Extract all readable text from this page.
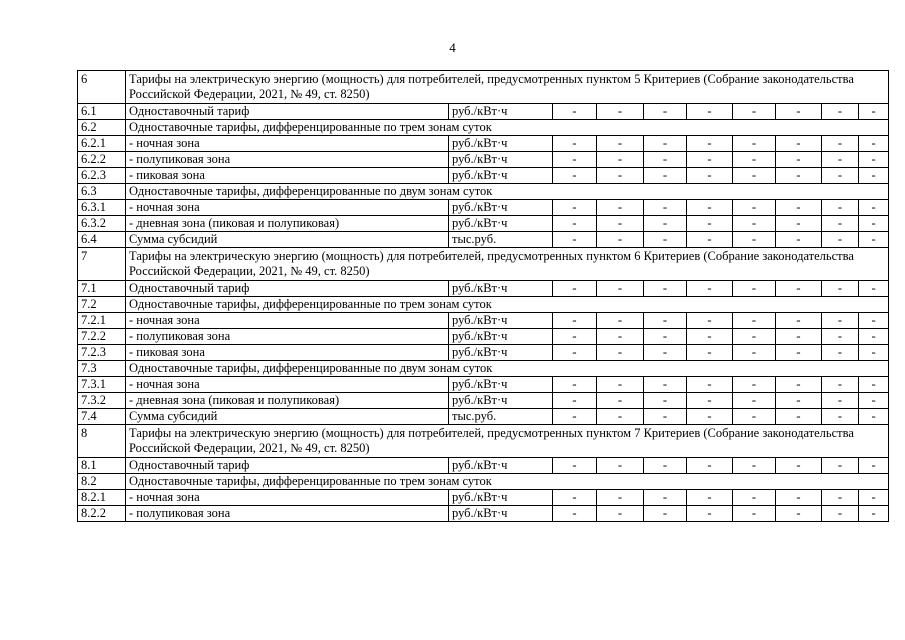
4
6	Тарифы на электрическую энергию (мощность) для потребителей, предусмотренных пунктом 5 Критериев (Собрание законодательства Российской Федерации, 2021, № 49, ст. 8250)									
6.1	Одноставочный тариф	руб./кВт·ч	-	-	-	-	-	-	-	-
6.2	Одноставочные тарифы, дифференцированные по трем зонам суток									
6.2.1	- ночная зона	руб./кВт·ч	-	-	-	-	-	-	-	-
6.2.2	- полупиковая зона	руб./кВт·ч	-	-	-	-	-	-	-	-
6.2.3	- пиковая зона	руб./кВт·ч	-	-	-	-	-	-	-	-
6.3	Одноставочные тарифы, дифференцированные по двум зонам суток									
6.3.1	- ночная зона	руб./кВт·ч	-	-	-	-	-	-	-	-
6.3.2	- дневная зона (пиковая и полупиковая)	руб./кВт·ч	-	-	-	-	-	-	-	-
6.4	Сумма субсидий	тыс.руб.	-	-	-	-	-	-	-	-
7	Тарифы на электрическую энергию (мощность) для потребителей, предусмотренных пунктом 6 Критериев (Собрание законодательства Российской Федерации, 2021, № 49, ст. 8250)									
7.1	Одноставочный тариф	руб./кВт·ч	-	-	-	-	-	-	-	-
7.2	Одноставочные тарифы, дифференцированные по трем зонам суток									
7.2.1	- ночная зона	руб./кВт·ч	-	-	-	-	-	-	-	-
7.2.2	- полупиковая зона	руб./кВт·ч	-	-	-	-	-	-	-	-
7.2.3	- пиковая зона	руб./кВт·ч	-	-	-	-	-	-	-	-
7.3	Одноставочные тарифы, дифференцированные по двум зонам суток									
7.3.1	- ночная зона	руб./кВт·ч	-	-	-	-	-	-	-	-
7.3.2	- дневная зона (пиковая и полупиковая)	руб./кВт·ч	-	-	-	-	-	-	-	-
7.4	Сумма субсидий	тыс.руб.	-	-	-	-	-	-	-	-
8	Тарифы на электрическую энергию (мощность) для потребителей, предусмотренных пунктом 7 Критериев (Собрание законодательства Российской Федерации, 2021, № 49, ст. 8250)									
8.1	Одноставочный тариф	руб./кВт·ч	-	-	-	-	-	-	-	-
8.2	Одноставочные тарифы, дифференцированные по трем зонам суток									
8.2.1	- ночная зона	руб./кВт·ч	-	-	-	-	-	-	-	-
8.2.2	- полупиковая зона	руб./кВт·ч	-	-	-	-	-	-	-	-
